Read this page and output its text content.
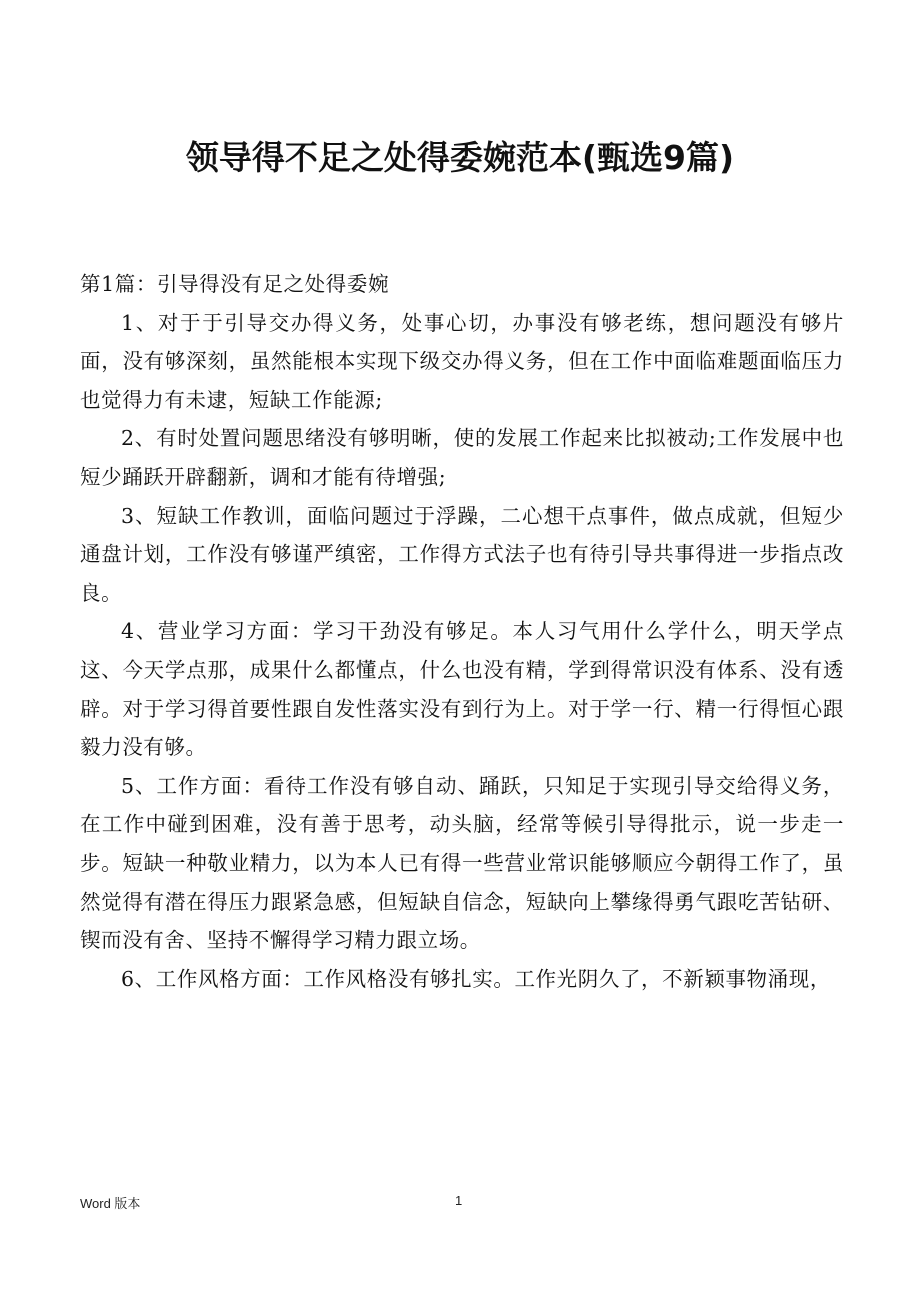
领导得不足之处得委婉范本(甄选9篇)

第1篇：引导得没有足之处得委婉

1、对于于引导交办得义务，处事心切，办事没有够老练，想问题没有够片面，没有够深刻，虽然能根本实现下级交办得义务，但在工作中面临难题面临压力也觉得力有未逮，短缺工作能源;

2、有时处置问题思绪没有够明晰，使的发展工作起来比拟被动;工作发展中也短少踊跃开辟翻新，调和才能有待增强;

3、短缺工作教训，面临问题过于浮躁，二心想干点事件，做点成就，但短少通盘计划，工作没有够谨严缜密，工作得方式法子也有待引导共事得进一步指点改良。

4、营业学习方面：学习干劲没有够足。本人习气用什么学什么，明天学点这、今天学点那，成果什么都懂点，什么也没有精，学到得常识没有体系、没有透辟。对于学习得首要性跟自发性落实没有到行为上。对于学一行、精一行得恒心跟毅力没有够。

5、工作方面：看待工作没有够自动、踊跃，只知足于实现引导交给得义务，在工作中碰到困难，没有善于思考，动头脑，经常等候引导得批示，说一步走一步。短缺一种敬业精力，以为本人已有得一些营业常识能够顺应今朝得工作了，虽然觉得有潜在得压力跟紧急感，但短缺自信念，短缺向上攀缘得勇气跟吃苦钻研、锲而没有舍、坚持不懈得学习精力跟立场。

6、工作风格方面：工作风格没有够扎实。工作光阴久了，不新颖事物涌现，

Word 版本	1
